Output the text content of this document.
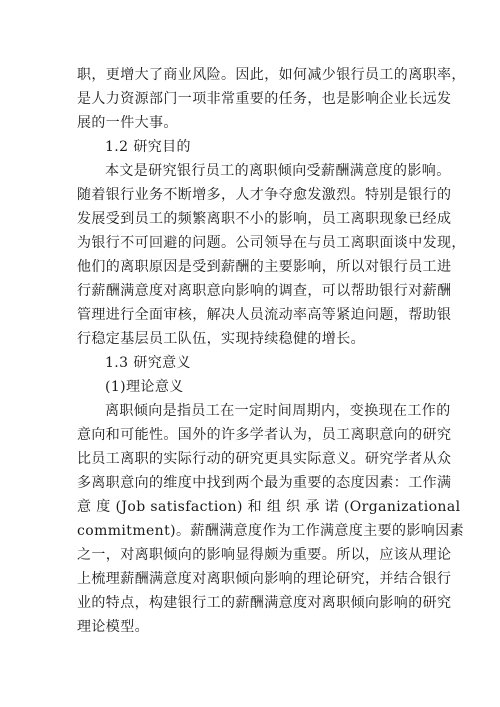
职，更增大了商业风险。因此，如何减少银行员工的离职率，
是人力资源部门一项非常重要的任务，也是影响企业长远发
展的一件大事。
1.2 研究目的
本文是研究银行员工的离职倾向受薪酬满意度的影响。
随着银行业务不断增多，人才争夺愈发激烈。特别是银行的
发展受到员工的频繁离职不小的影响，员工离职现象已经成
为银行不可回避的问题。公司领导在与员工离职面谈中发现，
他们的离职原因是受到薪酬的主要影响，所以对银行员工进
行薪酬满意度对离职意向影响的调查，可以帮助银行对薪酬
管理进行全面审核，解决人员流动率高等紧迫问题，帮助银
行稳定基层员工队伍，实现持续稳健的增长。
1.3 研究意义
(1)理论意义
离职倾向是指员工在一定时间周期内，变换现在工作的
意向和可能性。国外的许多学者认为，员工离职意向的研究
比员工离职的实际行动的研究更具实际意义。研究学者从众
多离职意向的维度中找到两个最为重要的态度因素：工作满
意 度 (Job satisfaction) 和 组 织 承 诺 (Organizational
commitment)。薪酬满意度作为工作满意度主要的影响因素
之一，对离职倾向的影响显得颇为重要。所以，应该从理论
上梳理薪酬满意度对离职倾向影响的理论研究，并结合银行
业的特点，构建银行工的薪酬满意度对离职倾向影响的研究
理论模型。
